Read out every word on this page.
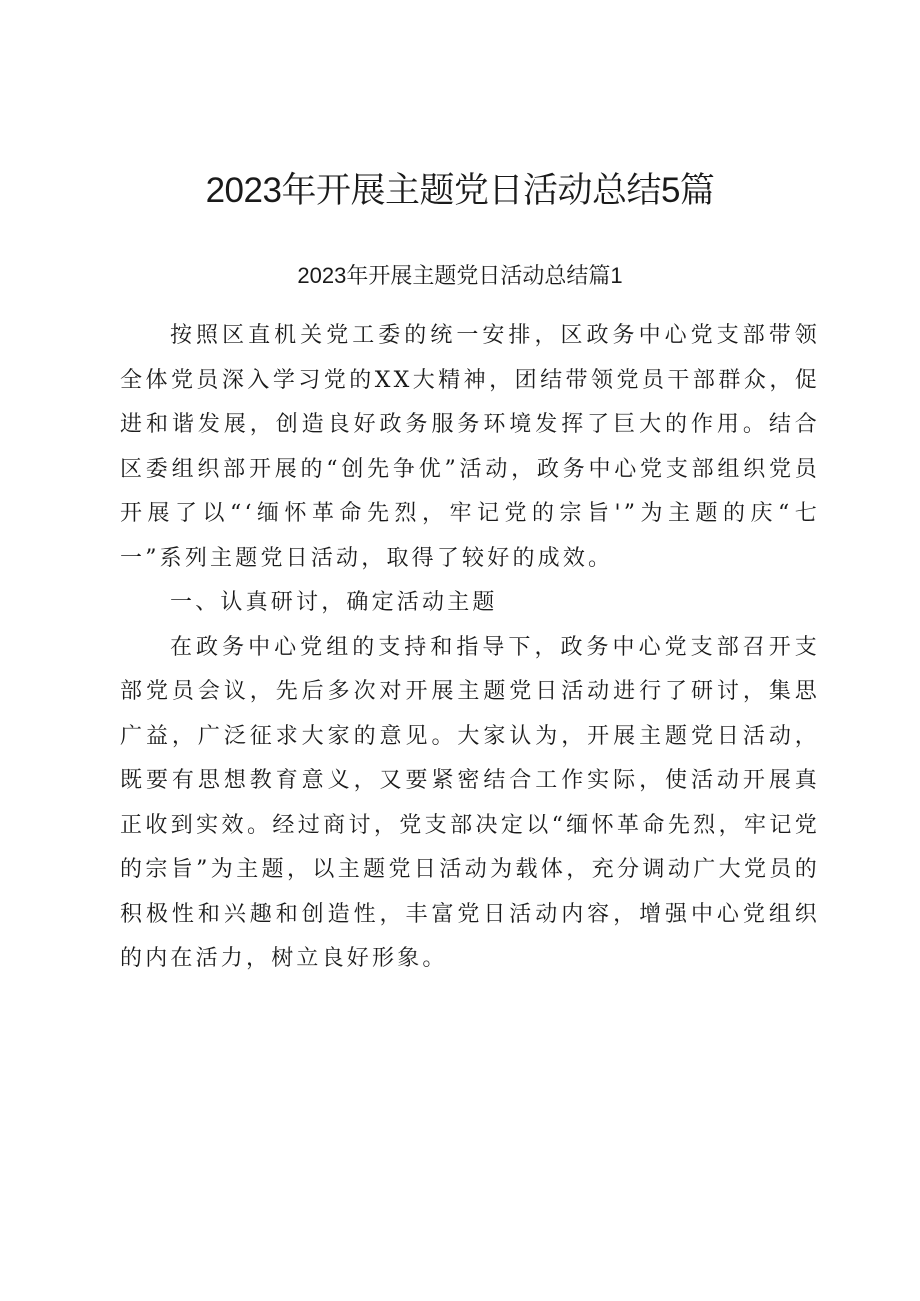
2023年开展主题党日活动总结5篇
2023年开展主题党日活动总结篇1

按照区直机关党工委的统一安排，区政务中心党支部带领全体党员深入学习党的XX大精神，团结带领党员干部群众，促进和谐发展，创造良好政务服务环境发挥了巨大的作用。结合区委组织部开展的“创先争优”活动，政务中心党支部组织党员开展了以“‘缅怀革命先烈，牢记党的宗旨'”为主题的庆“七一”系列主题党日活动，取得了较好的成效。

一、认真研讨，确定活动主题

在政务中心党组的支持和指导下，政务中心党支部召开支部党员会议，先后多次对开展主题党日活动进行了研讨，集思广益，广泛征求大家的意见。大家认为，开展主题党日活动，既要有思想教育意义，又要紧密结合工作实际，使活动开展真正收到实效。经过商讨，党支部决定以“缅怀革命先烈，牢记党的宗旨”为主题，以主题党日活动为载体，充分调动广大党员的积极性和兴趣和创造性，丰富党日活动内容，增强中心党组织的内在活力，树立良好形象。
